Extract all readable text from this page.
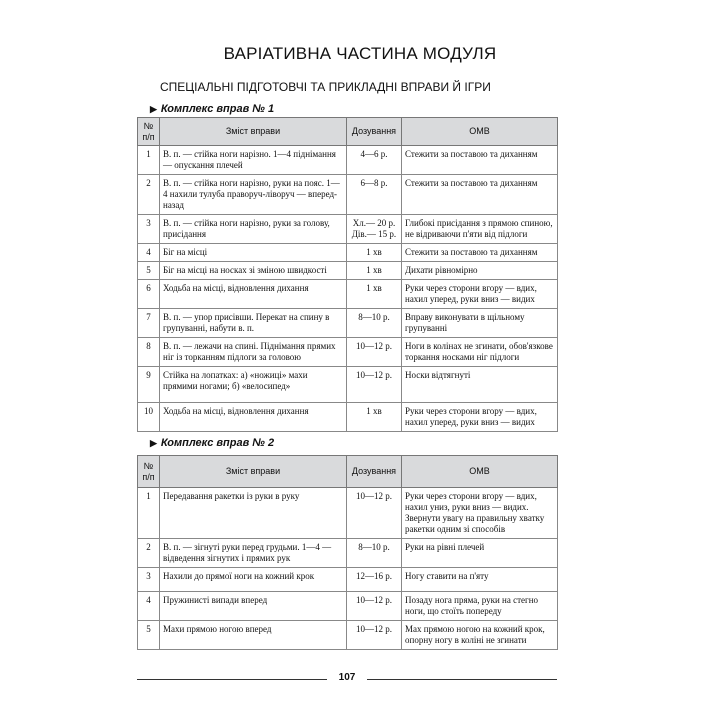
ВАРІАТИВНА ЧАСТИНА МОДУЛЯ
СПЕЦІАЛЬНІ ПІДГОТОВЧІ ТА ПРИКЛАДНІ ВПРАВИ Й ІГРИ
▶ Комплекс вправ № 1
№ п/п	Зміст вправи	Дозування	ОМВ
1	В. п. — стійка ноги нарізно. 1—4 піднімання — опускання плечей	4—6 р.	Стежити за поставою та диханням
2	В. п. — стійка ноги нарізно, руки на пояс. 1—4 нахили тулуба праворуч-ліворуч — вперед-назад	6—8 р.	Стежити за поставою та диханням
3	В. п. — стійка ноги нарізно, руки за голову, присідання	Хл.— 20 р. Дів.— 15 р.	Глибокі присідання з прямою спиною, не відриваючи п'яти від підлоги
4	Біг на місці	1 хв	Стежити за поставою та диханням
5	Біг на місці на носках зі зміною швидкості	1 хв	Дихати рівномірно
6	Ходьба на місці, відновлення дихання	1 хв	Руки через сторони вгору — вдих, нахил уперед, руки вниз — видих
7	В. п. — упор присівши. Перекат на спину в групуванні, набути в. п.	8—10 р.	Вправу виконувати в щільному групуванні
8	В. п. — лежачи на спині. Піднімання прямих ніг із торканням підлоги за головою	10—12 р.	Ноги в колінах не згинати, обов'язкове торкання носками ніг підлоги
9	Стійка на лопатках: а) «ножиці» махи прямими ногами; б) «велосипед»	10—12 р.	Носки відтягнуті
10	Ходьба на місці, відновлення дихання	1 хв	Руки через сторони вгору — вдих, нахил уперед, руки вниз — видих
▶ Комплекс вправ № 2
№ п/п	Зміст вправи	Дозування	ОМВ
1	Передавання ракетки із руки в руку	10—12 р.	Руки через сторони вгору — вдих, нахил униз, руки вниз — видих. Звернути увагу на правильну хватку ракетки одним зі способів
2	В. п. — зігнуті руки перед грудьми. 1—4 — відведення зігнутих і прямих рук	8—10 р.	Руки на рівні плечей
3	Нахили до прямої ноги на кожний крок	12—16 р.	Ногу ставити на п'яту
4	Пружинисті випади вперед	10—12 р.	Позаду нога пряма, руки на стегно ноги, що стоїть попереду
5	Махи прямою ногою вперед	10—12 р.	Мах прямою ногою на кожний крок, опорну ногу в коліні не згинати
107
